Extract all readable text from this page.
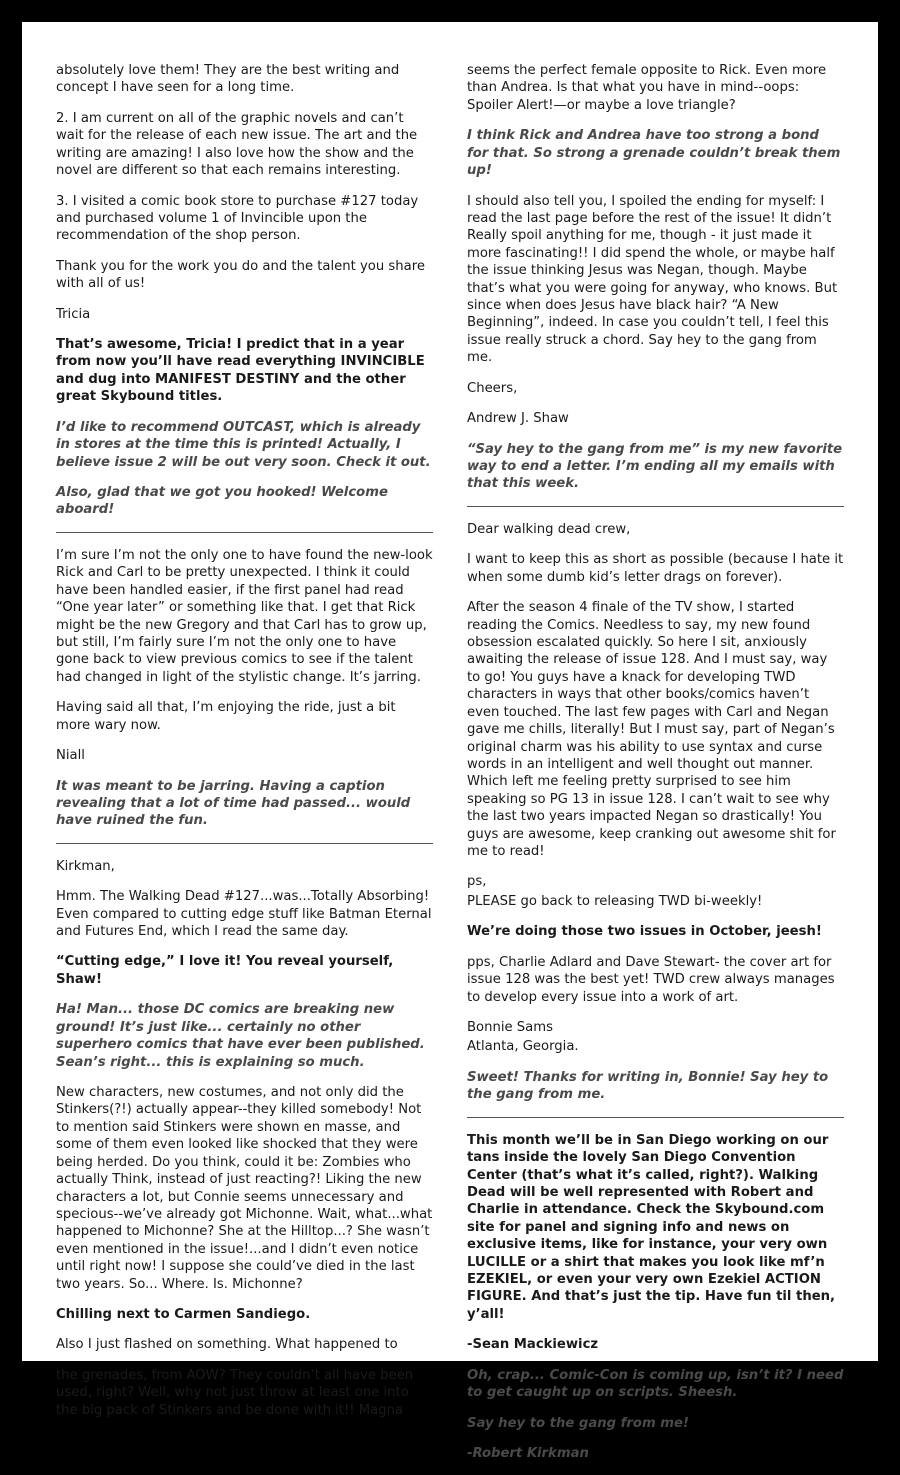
absolutely love them! They are the best writing and concept I have seen for a long time.

2. I am current on all of the graphic novels and can’t wait for the release of each new issue. The art and the writing are amazing! I also love how the show and the novel are different so that each remains interesting.

3. I visited a comic book store to purchase #127 today and purchased volume 1 of Invincible upon the recommendation of the shop person.

Thank you for the work you do and the talent you share with all of us!

Tricia

That’s awesome, Tricia! I predict that in a year from now you’ll have read everything INVINCIBLE and dug into MANIFEST DESTINY and the other great Skybound titles.

I’d like to recommend OUTCAST, which is already in stores at the time this is printed! Actually, I believe issue 2 will be out very soon. Check it out.

Also, glad that we got you hooked! Welcome aboard!

I’m sure I’m not the only one to have found the new-look Rick and Carl to be pretty unexpected. I think it could have been handled easier, if the first panel had read “One year later” or something like that. I get that Rick might be the new Gregory and that Carl has to grow up, but still, I’m fairly sure I’m not the only one to have gone back to view previous comics to see if the talent had changed in light of the stylistic change. It’s jarring.

Having said all that, I’m enjoying the ride, just a bit more wary now.

Niall

It was meant to be jarring. Having a caption revealing that a lot of time had passed... would have ruined the fun.

Kirkman,

Hmm. The Walking Dead #127...was...Totally Absorbing! Even compared to cutting edge stuff like Batman Eternal and Futures End, which I read the same day.

“Cutting edge,” I love it! You reveal yourself, Shaw!

Ha! Man... those DC comics are breaking new ground! It’s just like... certainly no other superhero comics that have ever been published. Sean’s right... this is explaining so much.

New characters, new costumes, and not only did the Stinkers(?!) actually appear--they killed somebody! Not to mention said Stinkers were shown en masse, and some of them even looked like shocked that they were being herded. Do you think, could it be: Zombies who actually Think, instead of just reacting?! Liking the new characters a lot, but Connie seems unnecessary and specious--we’ve already got Michonne. Wait, what...what happened to Michonne? She at the Hilltop...? She wasn’t even mentioned in the issue!...and I didn’t even notice until right now! I suppose she could’ve died in the last two years. So... Where. Is. Michonne?

Chilling next to Carmen Sandiego.

Also I just flashed on something. What happened to

the grenades, from AOW? They couldn’t all have been used, right? Well, why not just throw at least one into the big pack of Stinkers and be done with it!! Magna

seems the perfect female opposite to Rick. Even more than Andrea. Is that what you have in mind--oops: Spoiler Alert!—or maybe a love triangle?

I think Rick and Andrea have too strong a bond for that. So strong a grenade couldn’t break them up!

I should also tell you, I spoiled the ending for myself: I read the last page before the rest of the issue! It didn’t Really spoil anything for me, though - it just made it more fascinating!! I did spend the whole, or maybe half the issue thinking Jesus was Negan, though. Maybe that’s what you were going for anyway, who knows. But since when does Jesus have black hair? “A New Beginning”, indeed. In case you couldn’t tell, I feel this issue really struck a chord. Say hey to the gang from me.

Cheers,

Andrew J. Shaw

“Say hey to the gang from me” is my new favorite way to end a letter. I’m ending all my emails with that this week.

Dear walking dead crew,

I want to keep this as short as possible (because I hate it when some dumb kid’s letter drags on forever).

After the season 4 finale of the TV show, I started reading the Comics. Needless to say, my new found obsession escalated quickly. So here I sit, anxiously awaiting the release of issue 128. And I must say, way to go! You guys have a knack for developing TWD characters in ways that other books/comics haven’t even touched. The last few pages with Carl and Negan gave me chills, literally! But I must say, part of Negan’s original charm was his ability to use syntax and curse words in an intelligent and well thought out manner. Which left me feeling pretty surprised to see him speaking so PG 13 in issue 128. I can’t wait to see why the last two years impacted Negan so drastically! You guys are awesome, keep cranking out awesome shit for me to read!

ps,

PLEASE go back to releasing TWD bi-weekly!

We’re doing those two issues in October, jeesh!

pps, Charlie Adlard and Dave Stewart- the cover art for issue 128 was the best yet! TWD crew always manages to develop every issue into a work of art.

Bonnie Sams

Atlanta, Georgia.

Sweet! Thanks for writing in, Bonnie! Say hey to the gang from me.

This month we’ll be in San Diego working on our tans inside the lovely San Diego Convention Center (that’s what it’s called, right?). Walking Dead will be well represented with Robert and Charlie in attendance. Check the Skybound.com site for panel and signing info and news on exclusive items, like for instance, your very own LUCILLE or a shirt that makes you look like mf’n EZEKIEL, or even your very own Ezekiel ACTION FIGURE. And that’s just the tip. Have fun til then, y’all!

-Sean Mackiewicz

Oh, crap... Comic-Con is coming up, isn’t it? I need to get caught up on scripts. Sheesh.

Say hey to the gang from me!

-Robert Kirkman
